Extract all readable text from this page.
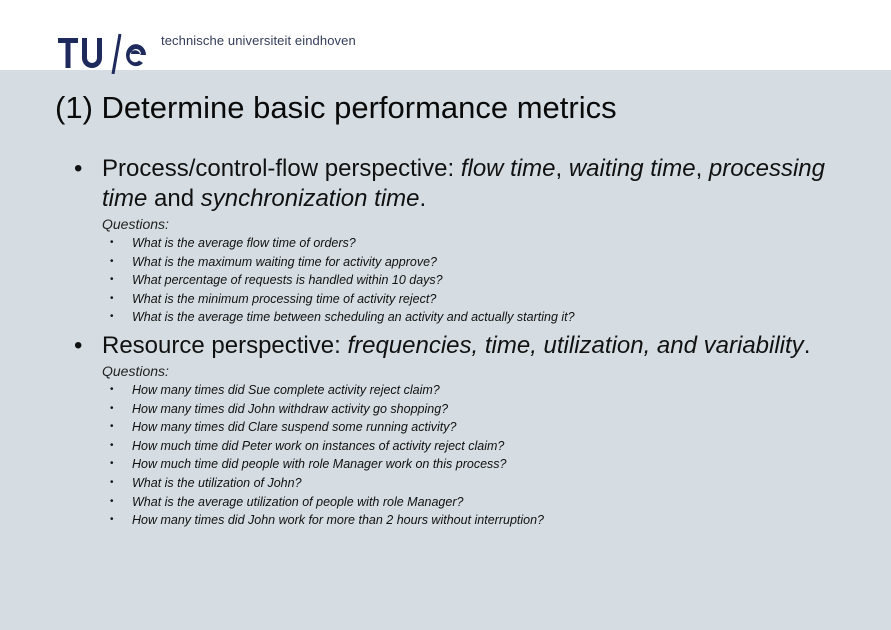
technische universiteit eindhoven
(1) Determine basic performance metrics
• Process/control-flow perspective: flow time, waiting time, processing time and synchronization time.
Questions:
• What is the average flow time of orders?
• What is the maximum waiting time for activity approve?
• What percentage of requests is handled within 10 days?
• What is the minimum processing time of activity reject?
• What is the average time between scheduling an activity and actually starting it?
• Resource perspective: frequencies, time, utilization, and variability.
Questions:
• How many times did Sue complete activity reject claim?
• How many times did John withdraw activity go shopping?
• How many times did Clare suspend some running activity?
• How much time did Peter work on instances of activity reject claim?
• How much time did people with role Manager work on this process?
• What is the utilization of John?
• What is the average utilization of people with role Manager?
• How many times did John work for more than 2 hours without interruption?
